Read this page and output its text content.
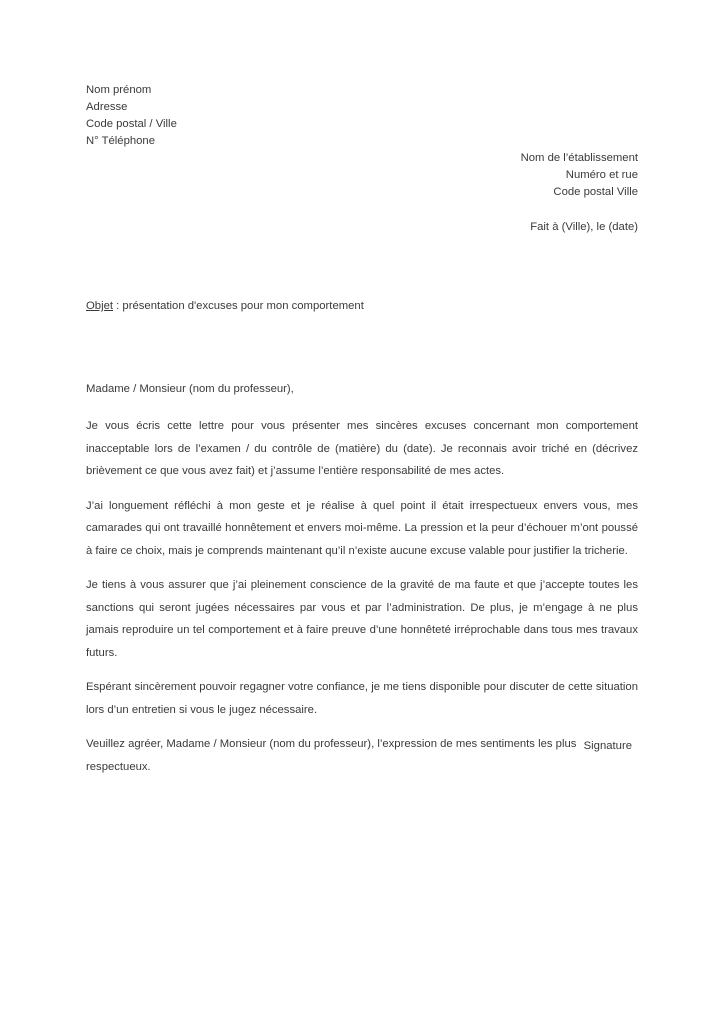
Nom prénom
Adresse
Code postal / Ville
N° Téléphone
Nom de l’établissement
Numéro et rue
Code postal Ville
Fait à (Ville), le (date)
Objet : présentation d'excuses pour mon comportement
Madame / Monsieur (nom du professeur),

Je vous écris cette lettre pour vous présenter mes sincères excuses concernant mon comportement inacceptable lors de l’examen / du contrôle de (matière) du (date). Je reconnais avoir triché en (décrivez brièvement ce que vous avez fait) et j’assume l’entière responsabilité de mes actes.

J’ai longuement réfléchi à mon geste et je réalise à quel point il était irrespectueux envers vous, mes camarades qui ont travaillé honnêtement et envers moi-même. La pression et la peur d’échouer m’ont poussé à faire ce choix, mais je comprends maintenant qu’il n’existe aucune excuse valable pour justifier la tricherie.

Je tiens à vous assurer que j’ai pleinement conscience de la gravité de ma faute et que j’accepte toutes les sanctions qui seront jugées nécessaires par vous et par l’administration. De plus, je m’engage à ne plus jamais reproduire un tel comportement et à faire preuve d’une honnêteté irréprochable dans tous mes travaux futurs.

Espérant sincèrement pouvoir regagner votre confiance, je me tiens disponible pour discuter de cette situation lors d’un entretien si vous le jugez nécessaire.

Veuillez agréer, Madame / Monsieur (nom du professeur), l’expression de mes sentiments les plus respectueux.

Signature
